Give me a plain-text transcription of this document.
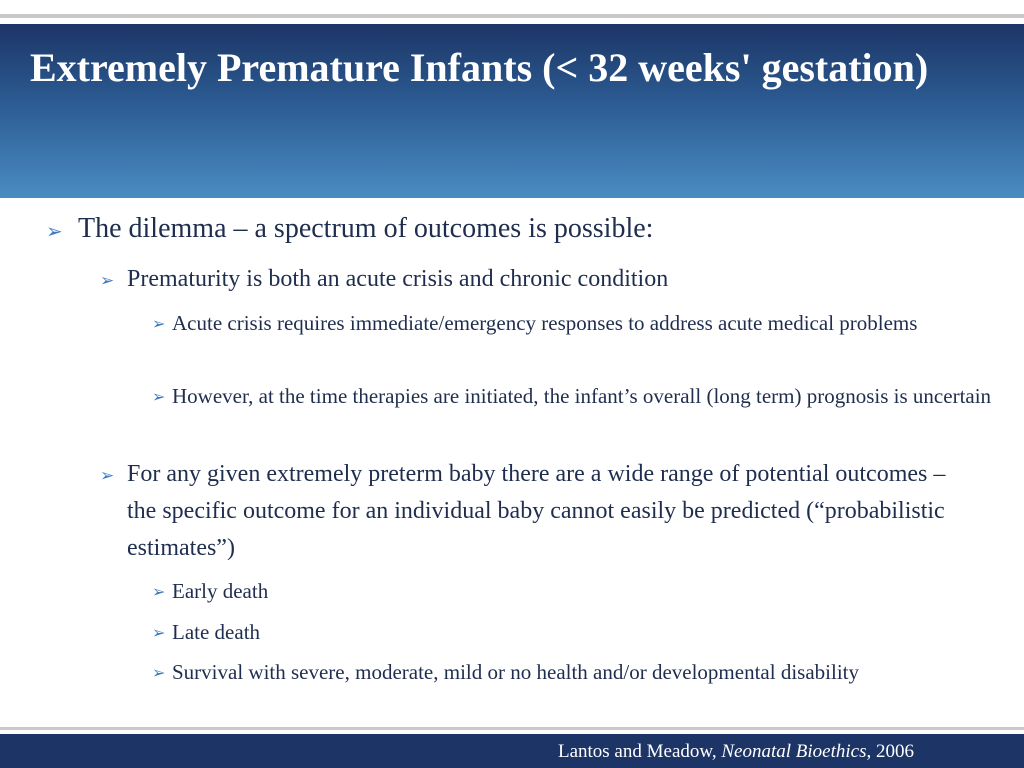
Extremely Premature Infants (< 32 weeks' gestation)
➢ The dilemma – a spectrum of outcomes is possible:
➢ Prematurity is both an acute crisis and chronic condition
➢ Acute crisis requires immediate/emergency responses to address acute medical problems
➢ However, at the time therapies are initiated, the infant’s overall (long term) prognosis is uncertain
➢ For any given extremely preterm baby there are a wide range of potential outcomes – the specific outcome for an individual baby cannot easily be predicted (“probabilistic estimates”)
➢ Early death
➢ Late death
➢ Survival with severe, moderate, mild or no health and/or developmental disability
Lantos and Meadow, Neonatal Bioethics, 2006
